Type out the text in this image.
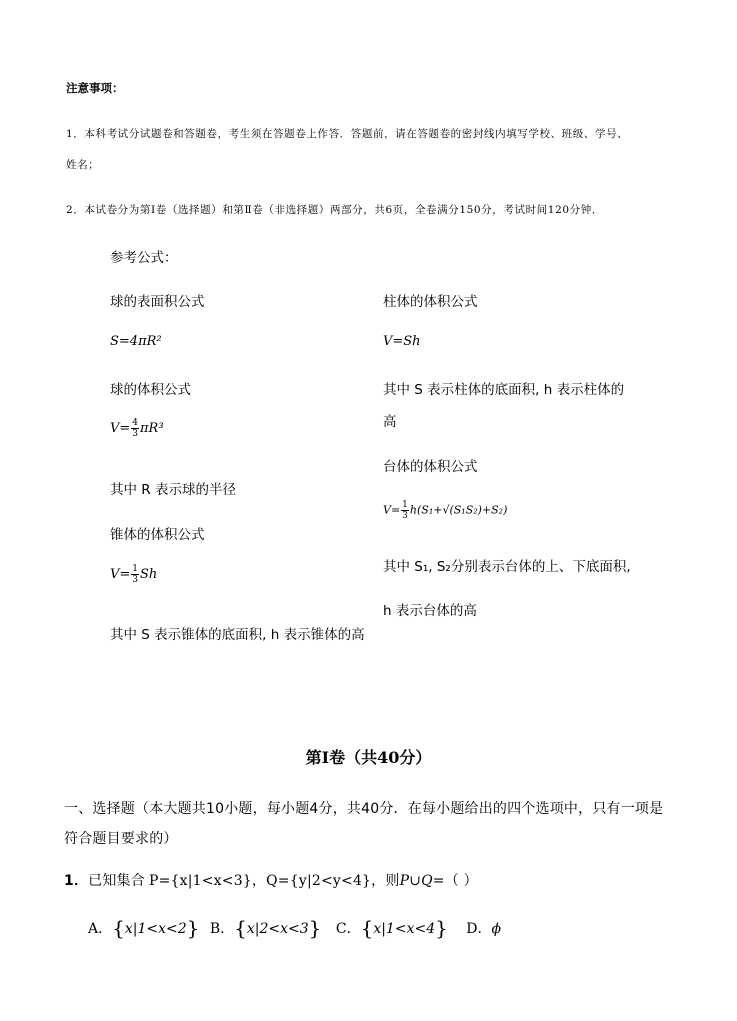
注意事项：
1．本科考试分试题卷和答题卷，考生须在答题卷上作答．答题前，请在答题卷的密封线内填写学校、班级、学号、
姓名；
2．本试卷分为第Ⅰ卷（选择题）和第Ⅱ卷（非选择题）两部分，共6页，全卷满分150分，考试时间120分钟．
参考公式：
球的表面积公式
S=4πR²
球的体积公式
$V= \frac{4}{3} \pi R^3$
其中 R 表示球的半径
锥体的体积公式
$V= \frac{1}{3}$ Sh
其中 S 表示锥体的底面积, h 表示锥体的高
柱体的体积公式
V=Sh
其中 S 表示柱体的底面积, h 表示柱体的
高
台体的体积公式
$V= \frac{1}{3} h(S_1+√(S_1S_2)+S_2)$
其中 S₁, S₂分别表示台体的上、下底面积,
h 表示台体的高
第Ⅰ卷（共40分）
一、选择题（本大题共10小题，每小题4分，共40分．在每小题给出的四个选项中，只有一项是
符合题目要求的）
1．已知集合 P={x|1<x<3}，Q={y|2<y<4}，则P∪Q=（ ）
A．{x|1<x<2} B．{x|2<x<3} C．{x|1<x<4} D．ϕ
